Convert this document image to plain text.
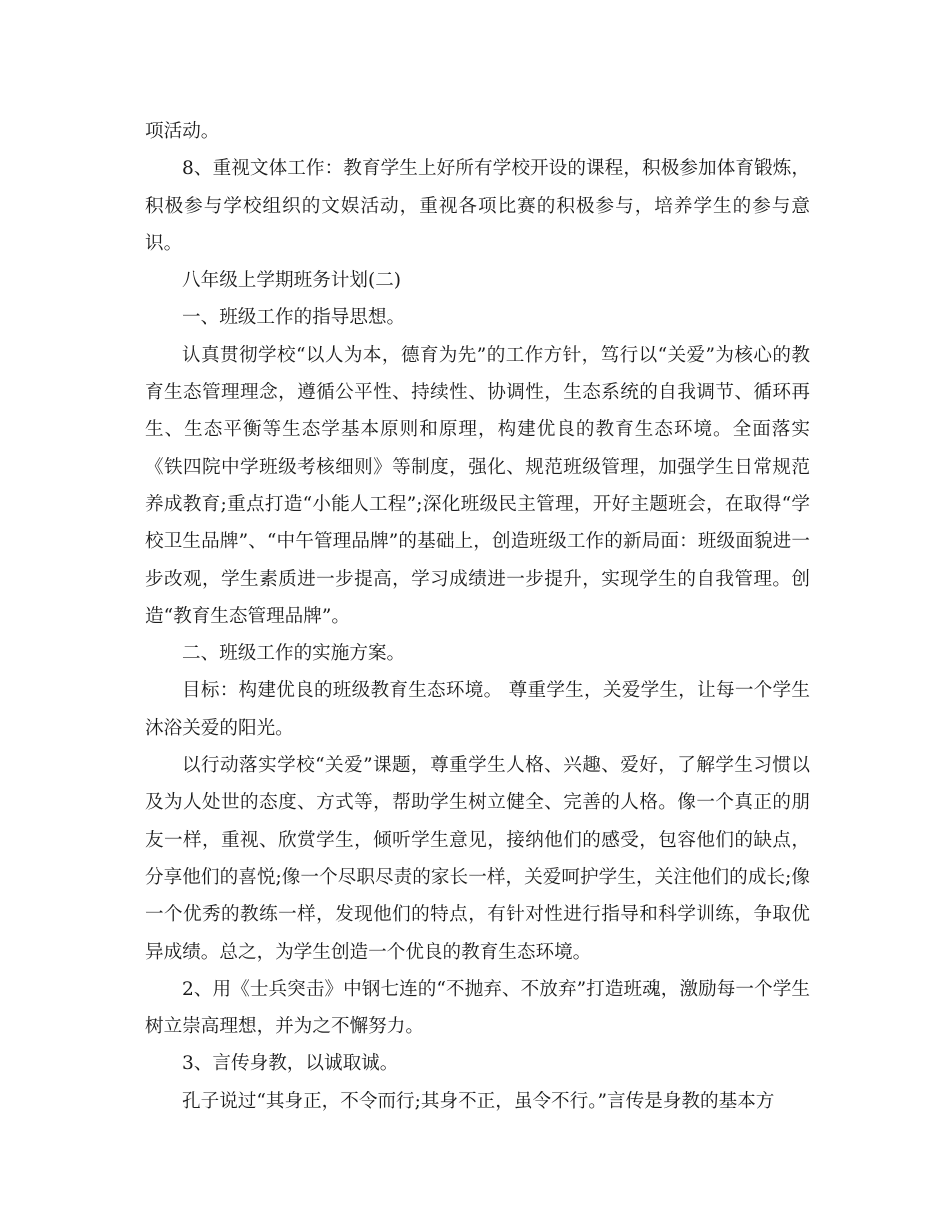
项活动。

8、重视文体工作：教育学生上好所有学校开设的课程，积极参加体育锻炼，积极参与学校组织的文娱活动，重视各项比赛的积极参与，培养学生的参与意识。

八年级上学期班务计划(二)

一、班级工作的指导思想。

认真贯彻学校“以人为本，德育为先”的工作方针，笃行以“关爱”为核心的教育生态管理理念，遵循公平性、持续性、协调性，生态系统的自我调节、循环再生、生态平衡等生态学基本原则和原理，构建优良的教育生态环境。全面落实《铁四院中学班级考核细则》等制度，强化、规范班级管理，加强学生日常规范养成教育;重点打造“小能人工程”;深化班级民主管理，开好主题班会，在取得“学校卫生品牌”、“中午管理品牌”的基础上，创造班级工作的新局面：班级面貌进一步改观，学生素质进一步提高，学习成绩进一步提升，实现学生的自我管理。创造“教育生态管理品牌”。

二、班级工作的实施方案。

目标：构建优良的班级教育生态环境。 尊重学生，关爱学生，让每一个学生沐浴关爱的阳光。

以行动落实学校“关爱”课题，尊重学生人格、兴趣、爱好，了解学生习惯以及为人处世的态度、方式等，帮助学生树立健全、完善的人格。像一个真正的朋友一样，重视、欣赏学生，倾听学生意见，接纳他们的感受，包容他们的缺点，分享他们的喜悦;像一个尽职尽责的家长一样，关爱呵护学生，关注他们的成长;像一个优秀的教练一样，发现他们的特点，有针对性进行指导和科学训练，争取优异成绩。总之，为学生创造一个优良的教育生态环境。

2、用《士兵突击》中钢七连的“不抛弃、不放弃”打造班魂，激励每一个学生树立崇高理想，并为之不懈努力。

3、言传身教，以诚取诚。

孔子说过“其身正，不令而行;其身不正，虽令不行。”言传是身教的基本方
